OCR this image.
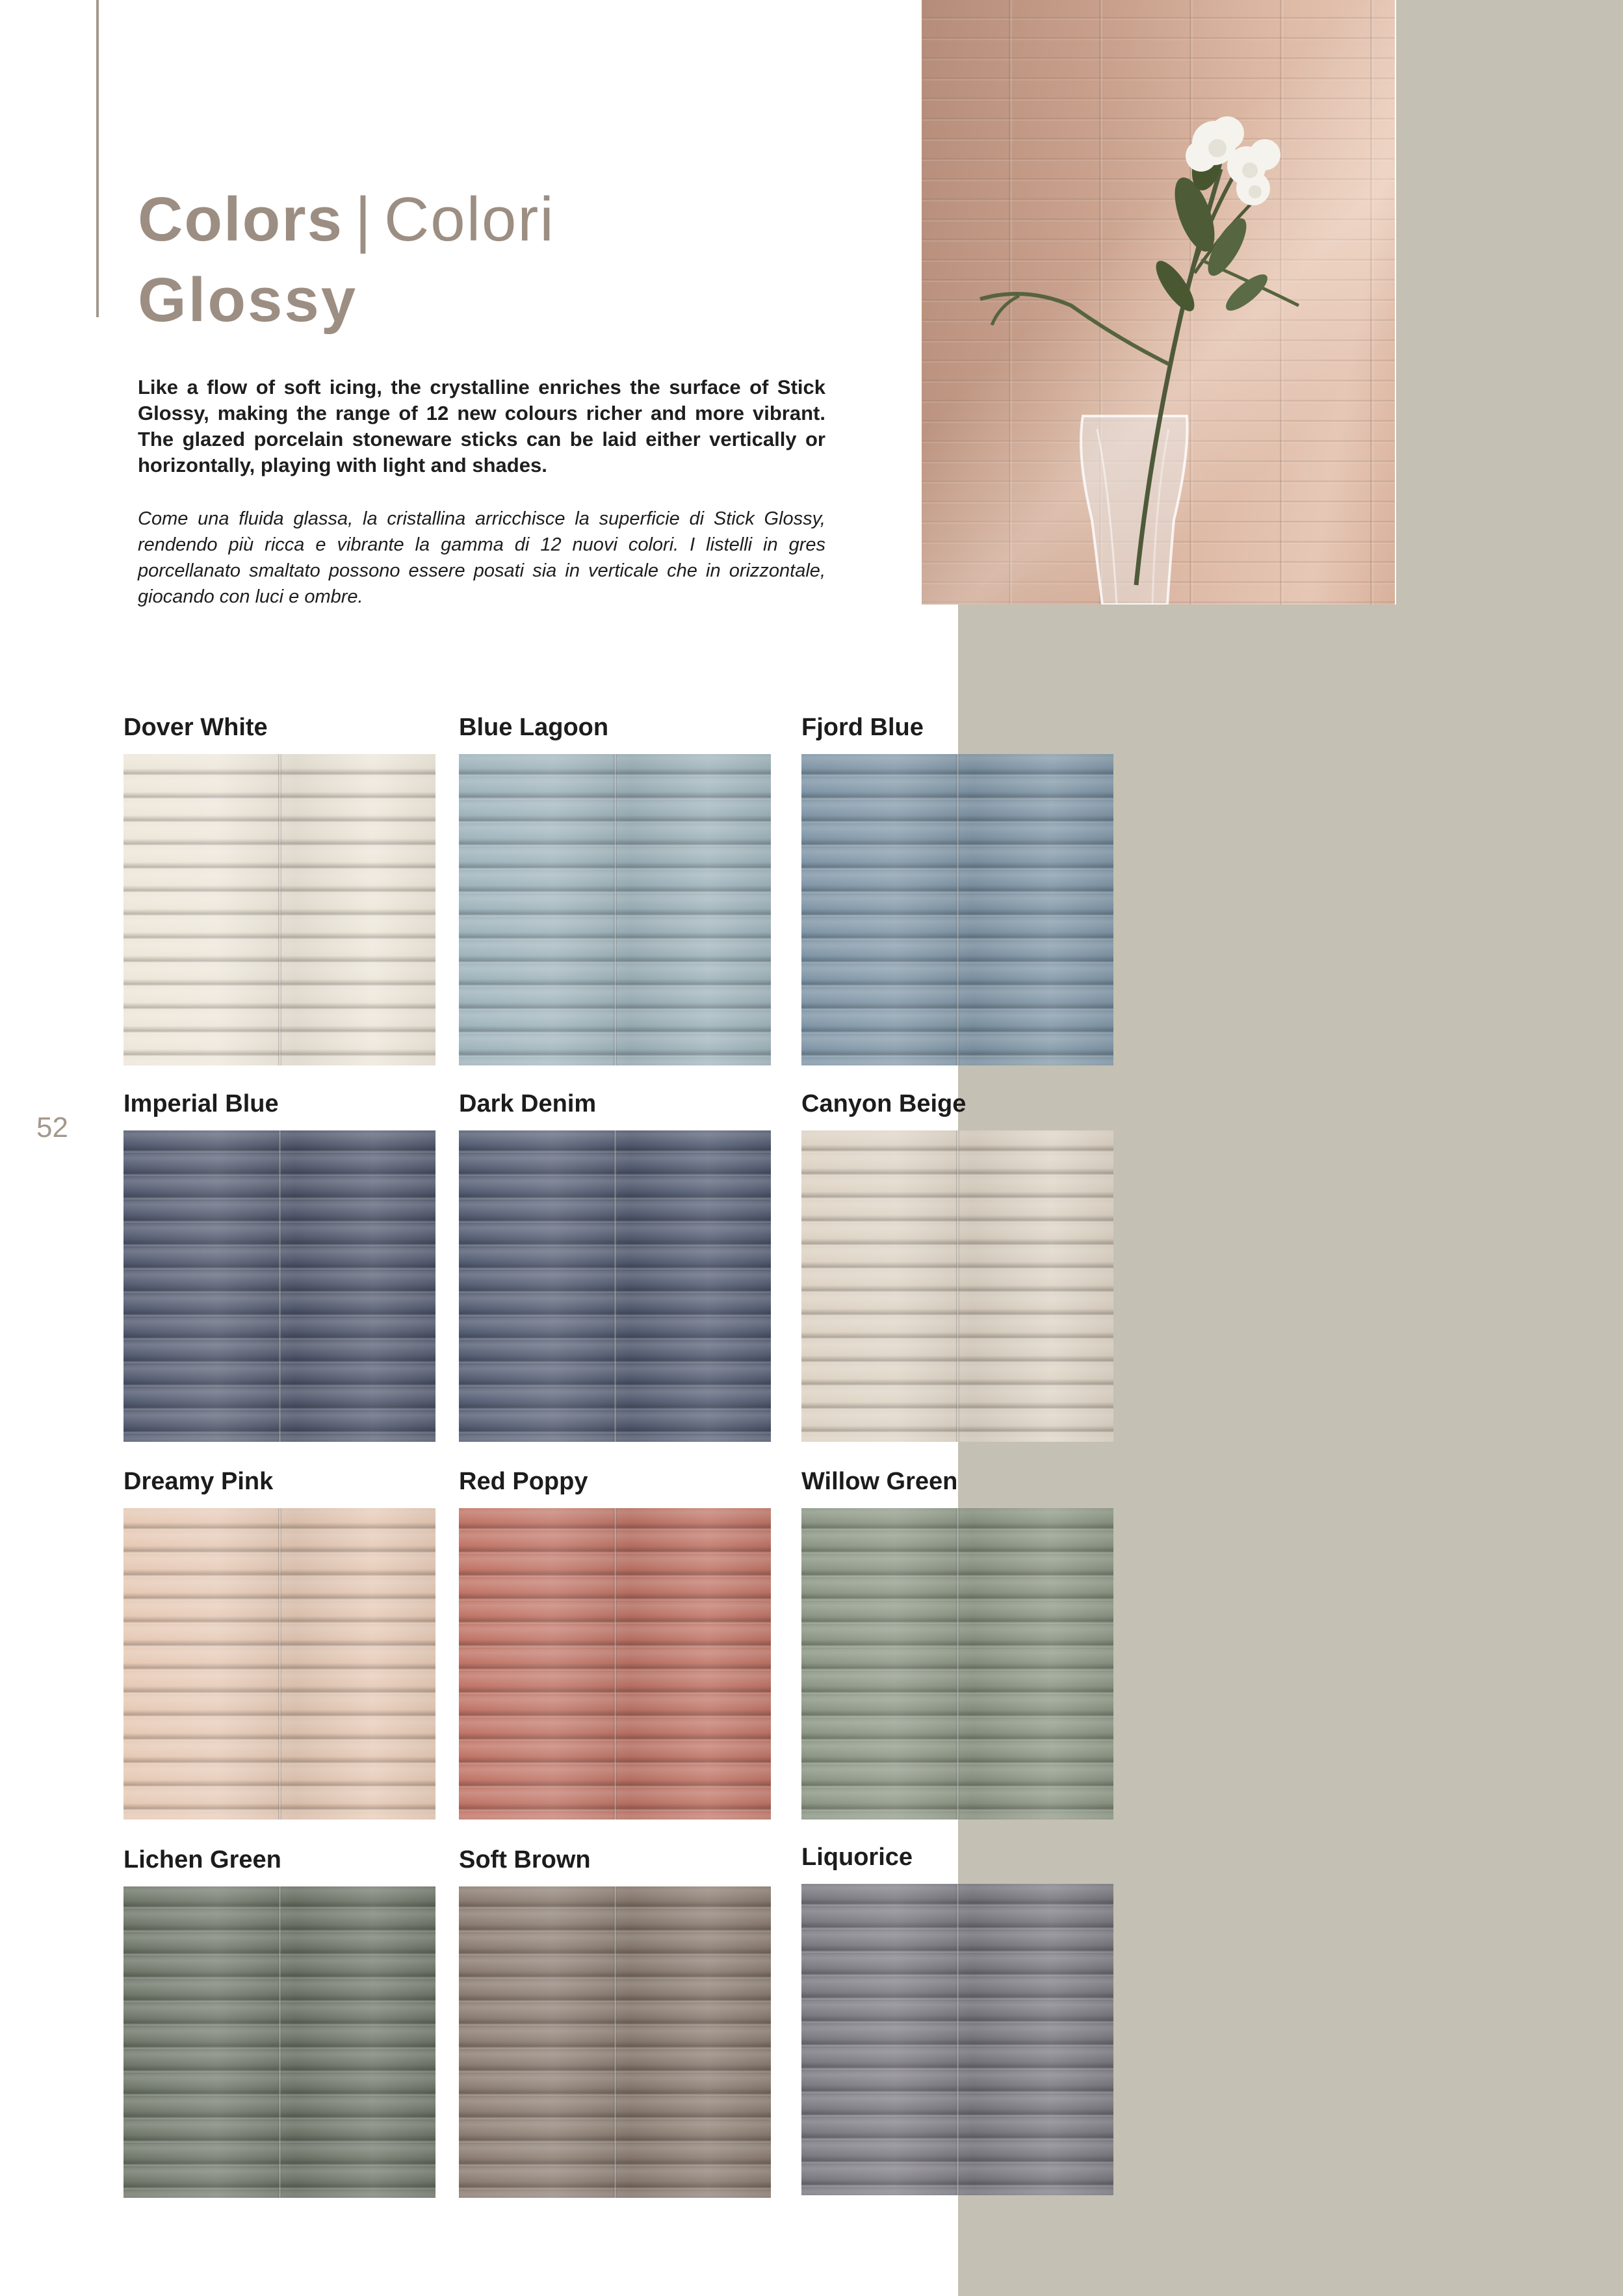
Colors | Colori
Glossy

Like a flow of soft icing, the crystalline enriches the surface of Stick Glossy, making the range of 12 new colours richer and more vibrant. The glazed porcelain stoneware sticks can be laid either vertically or horizontally, playing with light and shades.

Come una fluida glassa, la cristallina arricchisce la superficie di Stick Glossy, rendendo più ricca e vibrante la gamma di 12 nuovi colori. I listelli in gres porcellanato smaltato possono essere posati sia in verticale che in orizzontale, giocando con luci e ombre.

52
Dover White	Blue Lagoon	Fjord Blue
Imperial Blue	Dark Denim	Canyon Beige
Dreamy Pink	Red Poppy	Willow Green
Lichen Green	Soft Brown	Liquorice
